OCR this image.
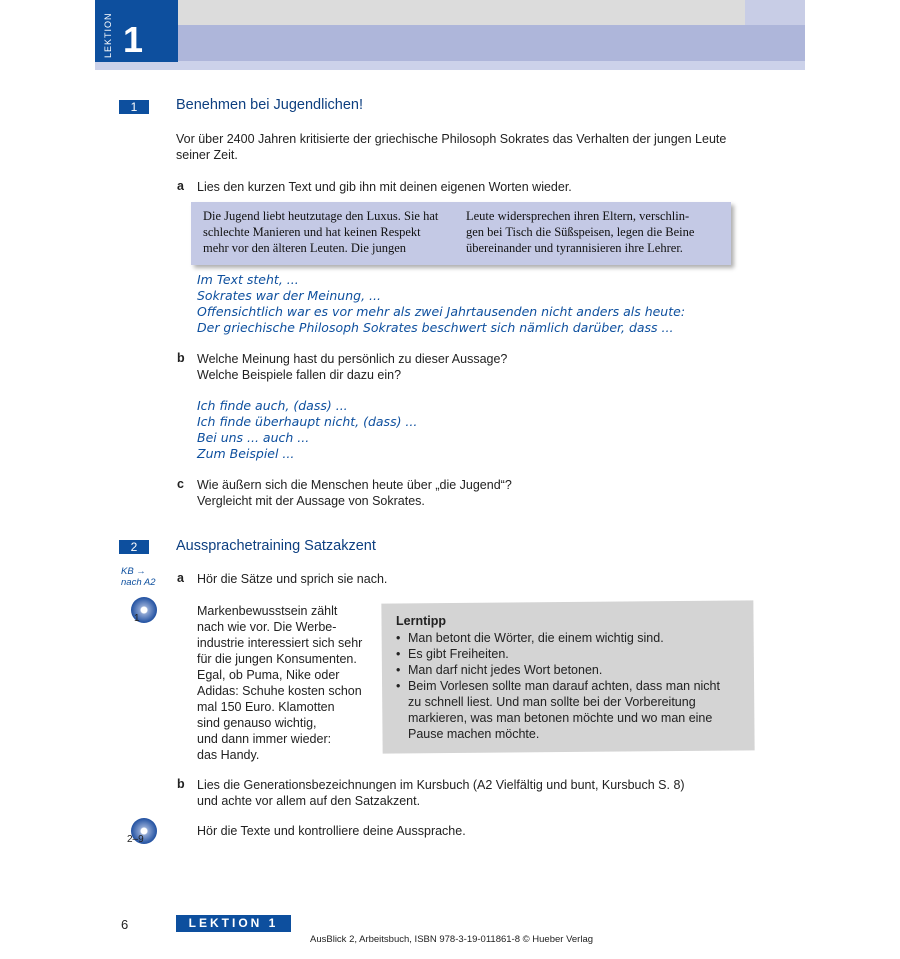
LEKTION 1
1	Benehmen bei Jugendlichen!
Vor über 2400 Jahren kritisierte der griechische Philosoph Sokrates das Verhalten der jungen Leute
seiner Zeit.
a Lies den kurzen Text und gib ihn mit deinen eigenen Worten wieder.
Die Jugend liebt heutzutage den Luxus. Sie hat
schlechte Manieren und hat keinen Respekt
mehr vor den älteren Leuten. Die jungen
Leute widersprechen ihren Eltern, verschlin-
gen bei Tisch die Süßspeisen, legen die Beine
übereinander und tyrannisieren ihre Lehrer.
Im Text steht, ...
Sokrates war der Meinung, ...
Offensichtlich war es vor mehr als zwei Jahrtausenden nicht anders als heute:
Der griechische Philosoph Sokrates beschwert sich nämlich darüber, dass ...
b Welche Meinung hast du persönlich zu dieser Aussage?
Welche Beispiele fallen dir dazu ein?
Ich finde auch, (dass) ...
Ich finde überhaupt nicht, (dass) ...
Bei uns ... auch ...
Zum Beispiel ...
c Wie äußern sich die Menschen heute über „die Jugend“?
Vergleicht mit der Aussage von Sokrates.
2	Aussprachetraining Satzakzent
KB →
nach A2 a Hör die Sätze und sprich sie nach.
1
Markenbewusstsein zählt
nach wie vor. Die Werbe-
industrie interessiert sich sehr
für die jungen Konsumenten.
Egal, ob Puma, Nike oder
Adidas: Schuhe kosten schon
mal 150 Euro. Klamotten
sind genauso wichtig,
und dann immer wieder:
das Handy.
Lerntipp
• Man betont die Wörter, die einem wichtig sind.
• Es gibt Freiheiten.
• Man darf nicht jedes Wort betonen.
• Beim Vorlesen sollte man darauf achten, dass man nicht zu schnell liest. Und man sollte bei der Vorbereitung markieren, was man betonen möchte und wo man eine Pause machen möchte.
b Lies die Generationsbezeichnungen im Kursbuch (A2 Vielfältig und bunt, Kursbuch S. 8)
und achte vor allem auf den Satzakzent.
2–9
Hör die Texte und kontrolliere deine Aussprache.
6	LEKTION 1
AusBlick 2, Arbeitsbuch, ISBN 978-3-19-011861-8 © Hueber Verlag
